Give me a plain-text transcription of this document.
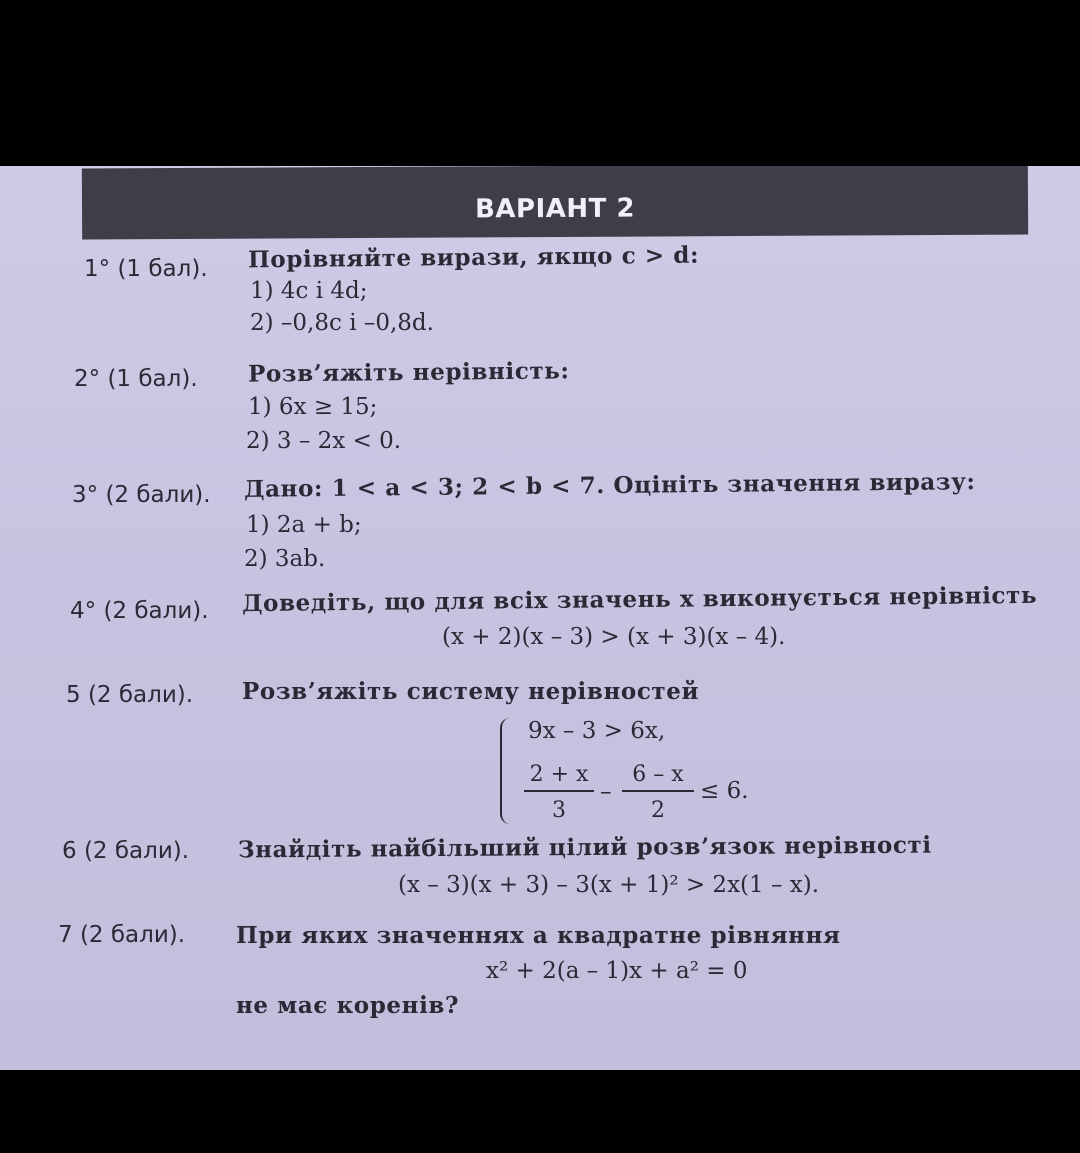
ВАРІАНТ 2
1° (1 бал). Порівняйте вирази, якщо c > d:
1) 4c і 4d;
2) –0,8c і –0,8d.
2° (1 бал). Розв’яжіть нерівність:
1) 6x ≥ 15;
2) 3 – 2x < 0.
3° (2 бали). Дано: 1 < a < 3; 2 < b < 7. Оцініть значення виразу:
1) 2a + b;
2) 3ab.
4° (2 бали). Доведіть, що для всіх значень x виконується нерівність
(x + 2)(x – 3) > (x + 3)(x – 4).
5 (2 бали). Розв’яжіть систему нерівностей
9x – 3 > 6x,
2 + x
3
–
6 – x
2
≤ 6.
6 (2 бали). Знайдіть найбільший цілий розв’язок нерівності
(x – 3)(x + 3) – 3(x + 1)² > 2x(1 – x).
7 (2 бали). При яких значеннях a квадратне рівняння
x² + 2(a – 1)x + a² = 0
не має коренів?
